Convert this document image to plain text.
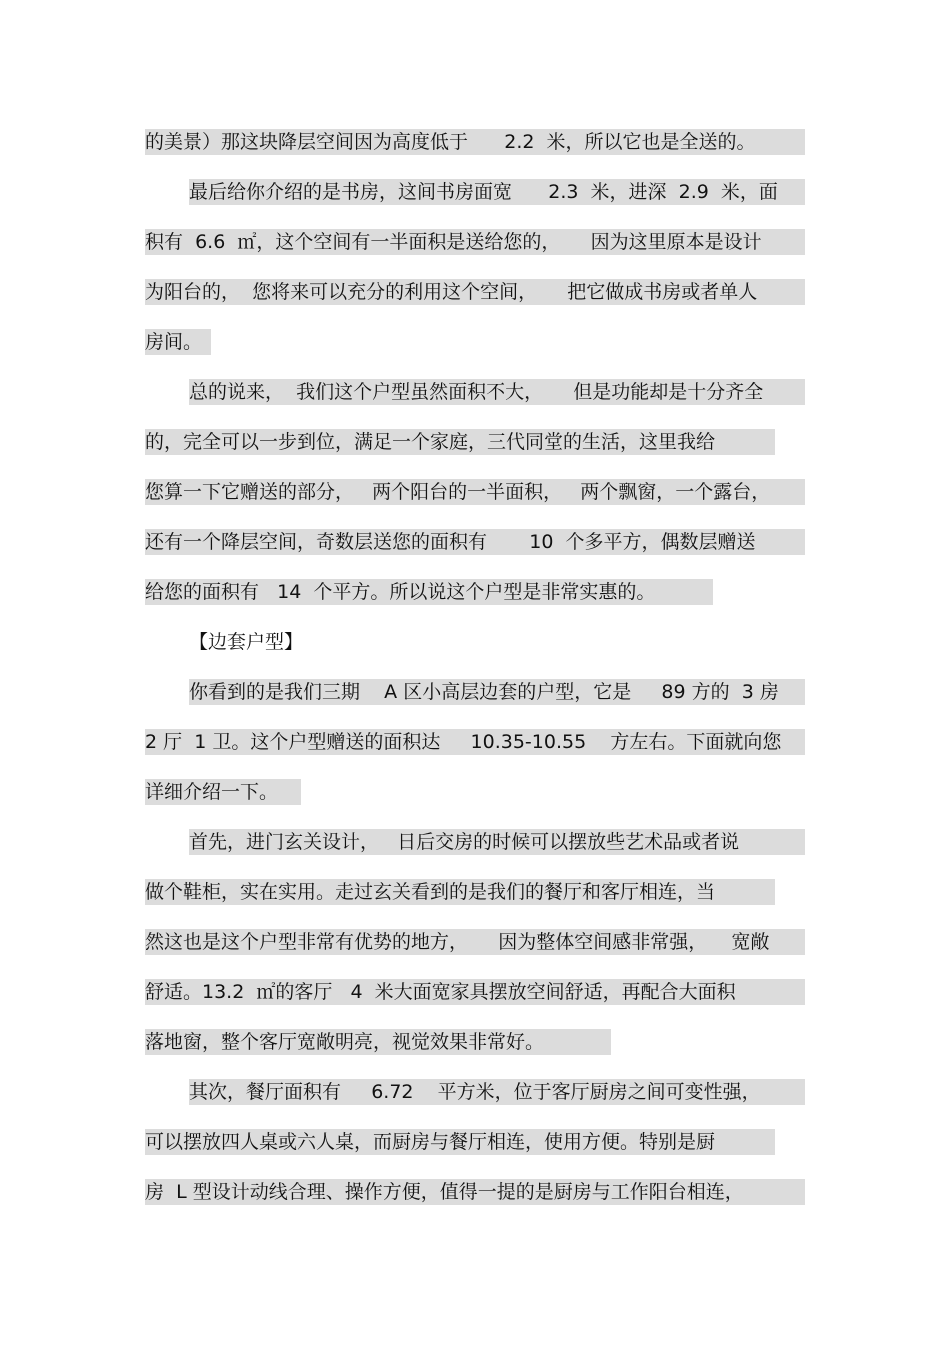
的美景）那这块降层空间因为高度低于      2.2  米，所以它也是全送的。
最后给你介绍的是书房，这间书房面宽      2.3  米，进深  2.9  米，面
积有  6.6  ㎡，这个空间有一半面积是送给您的，     因为这里原本是设计
为阳台的，  您将来可以充分的利用这个空间，     把它做成书房或者单人
房间。
总的说来，  我们这个户型虽然面积不大，     但是功能却是十分齐全
的，完全可以一步到位，满足一个家庭，三代同堂的生活，这里我给
您算一下它赠送的部分，   两个阳台的一半面积，   两个飘窗，一个露台，
还有一个降层空间，奇数层送您的面积有       10  个多平方，偶数层赠送
给您的面积有   14  个平方。所以说这个户型是非常实惠的。
【边套户型】
你看到的是我们三期    A 区小高层边套的户型，它是     89 方的  3 房
2 厅  1 卫。这个户型赠送的面积达     10.35-10.55    方左右。下面就向您
详细介绍一下。
首先，进门玄关设计，   日后交房的时候可以摆放些艺术品或者说
做个鞋柜，实在实用。走过玄关看到的是我们的餐厅和客厅相连，当
然这也是这个户型非常有优势的地方，     因为整体空间感非常强，    宽敞
舒适。13.2  ㎡的客厅   4  米大面宽家具摆放空间舒适，再配合大面积
落地窗，整个客厅宽敞明亮，视觉效果非常好。
其次，餐厅面积有     6.72    平方米，位于客厅厨房之间可变性强，
可以摆放四人桌或六人桌，而厨房与餐厅相连，使用方便。特别是厨
房  L 型设计动线合理、操作方便，值得一提的是厨房与工作阳台相连，
